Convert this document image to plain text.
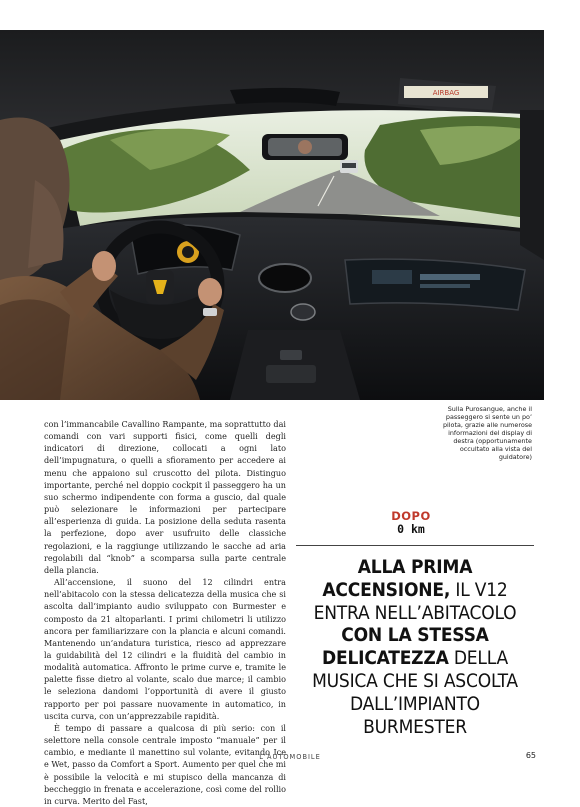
AIRBAG
Sulla Purosangue, anche il passeggero si sente un po’ pilota, grazie alle numerose informazioni del display di destra (opportunamente occultato alla vista del guidatore)

con l’immancabile Cavallino Rampante, ma soprattutto dai comandi con vari supporti fisici, come quelli degli indicatori di direzione, collocati a ogni lato dell’impugnatura, o quelli a sfioramento per accedere ai menu che appaiono sul cruscotto del pilota. Distinguo importante, perché nel doppio cockpit il passeggero ha un suo schermo indipendente con forma a guscio, dal quale può selezionare le informazioni per partecipare all’esperienza di guida. La posizione della seduta rasenta la perfezione, dopo aver usufruito delle classiche regolazioni, e la raggiunge utilizzando le sacche ad aria regolabili dal “knob” a scomparsa sulla parte centrale della plancia.

All’accensione, il suono del 12 cilindri entra nell’abitacolo con la stessa delicatezza della musica che si ascolta dall’impianto audio sviluppato con Burmester e composto da 21 altoparlanti. I primi chilometri li utilizzo ancora per familiarizzare con la plancia e alcuni comandi. Mantenendo un’andatura turistica, riesco ad apprezzare la guidabilità del 12 cilindri e la fluidità del cambio in modalità automatica. Affronto le prime curve e, tramite le palette fisse dietro al volante, scalo due marce; il cambio le seleziona dandomi l’opportunità di avere il giusto rapporto per poi passare nuovamente in automatico, in uscita curva, con un’apprezzabile rapidità.

È tempo di passare a qualcosa di più serio: con il selettore nella console centrale imposto “manuale” per il cambio, e mediante il manettino sul volante, evitando Ice e Wet, passo da Comfort a Sport. Aumento per quel che mi è possibile la velocità e mi stupisco della mancanza di beccheggio in frenata e accelerazione, così come del rollio in curva. Merito del Fast,

DOPO
0 km
ALLA PRIMA ACCENSIONE, IL V12 ENTRA NELL’ABITACOLO CON LA STESSA DELICATEZZA DELLA MUSICA CHE SI ASCOLTA DALL’IMPIANTO BURMESTER
L’AUTOMOBILE	65
